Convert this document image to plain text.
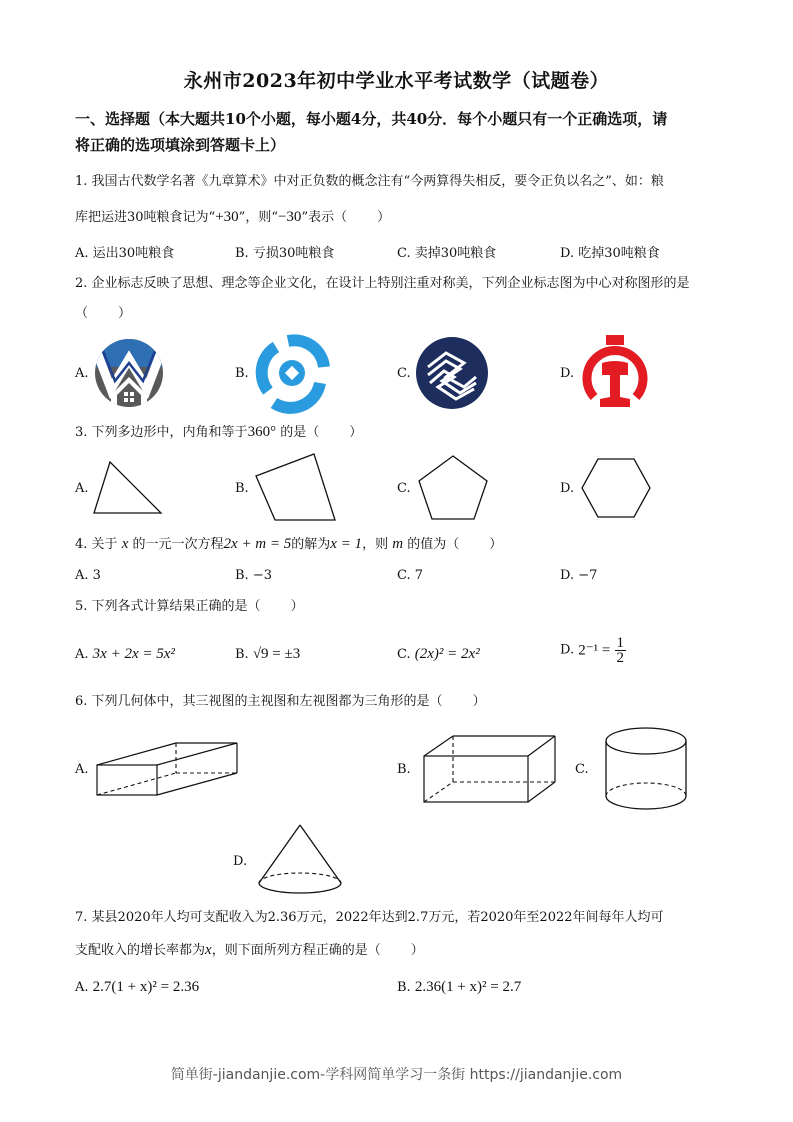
永州市2023年初中学业水平考试数学（试题卷）
一、选择题（本大题共10个小题，每小题4分，共40分．每个小题只有一个正确选项，请
将正确的选项填涂到答题卡上）
1. 我国古代数学名著《九章算术》中对正负数的概念注有“今两算得失相反，要令正负以名之”、如：粮
库把运进30吨粮食记为“+30”，则“−30”表示（ ）
A. 运出30吨粮食	B. 亏损30吨粮食	C. 卖掉30吨粮食	D. 吃掉30吨粮食
2. 企业标志反映了思想、理念等企业文化，在设计上特别注重对称美，下列企业标志图为中心对称图形的是
（ ）
A.	B.	C.	D.
3. 下列多边形中，内角和等于360° 的是（ ）
A.	B.	C.	D.
4. 关于 x 的一元一次方程2x + m = 5的解为x = 1，则 m 的值为（ ）
A. 3	B. −3	C. 7	D. −7
5. 下列各式计算结果正确的是（ ）
A. 3x + 2x = 5x²	B. √9 = ±3	C. (2x)² = 2x²	D. $2^{-1} = \frac{1}{2}$
6. 下列几何体中，其三视图的主视图和左视图都为三角形的是（ ）
A.	B.	C.
D.
7. 某县2020年人均可支配收入为2.36万元，2022年达到2.7万元，若2020年至2022年间每年人均可
支配收入的增长率都为x，则下面所列方程正确的是（ ）
A. 2.7(1 + x)² = 2.36	B. 2.36(1 + x)² = 2.7
简单街-jiandanjie.com-学科网简单学习一条街 https://jiandanjie.com
